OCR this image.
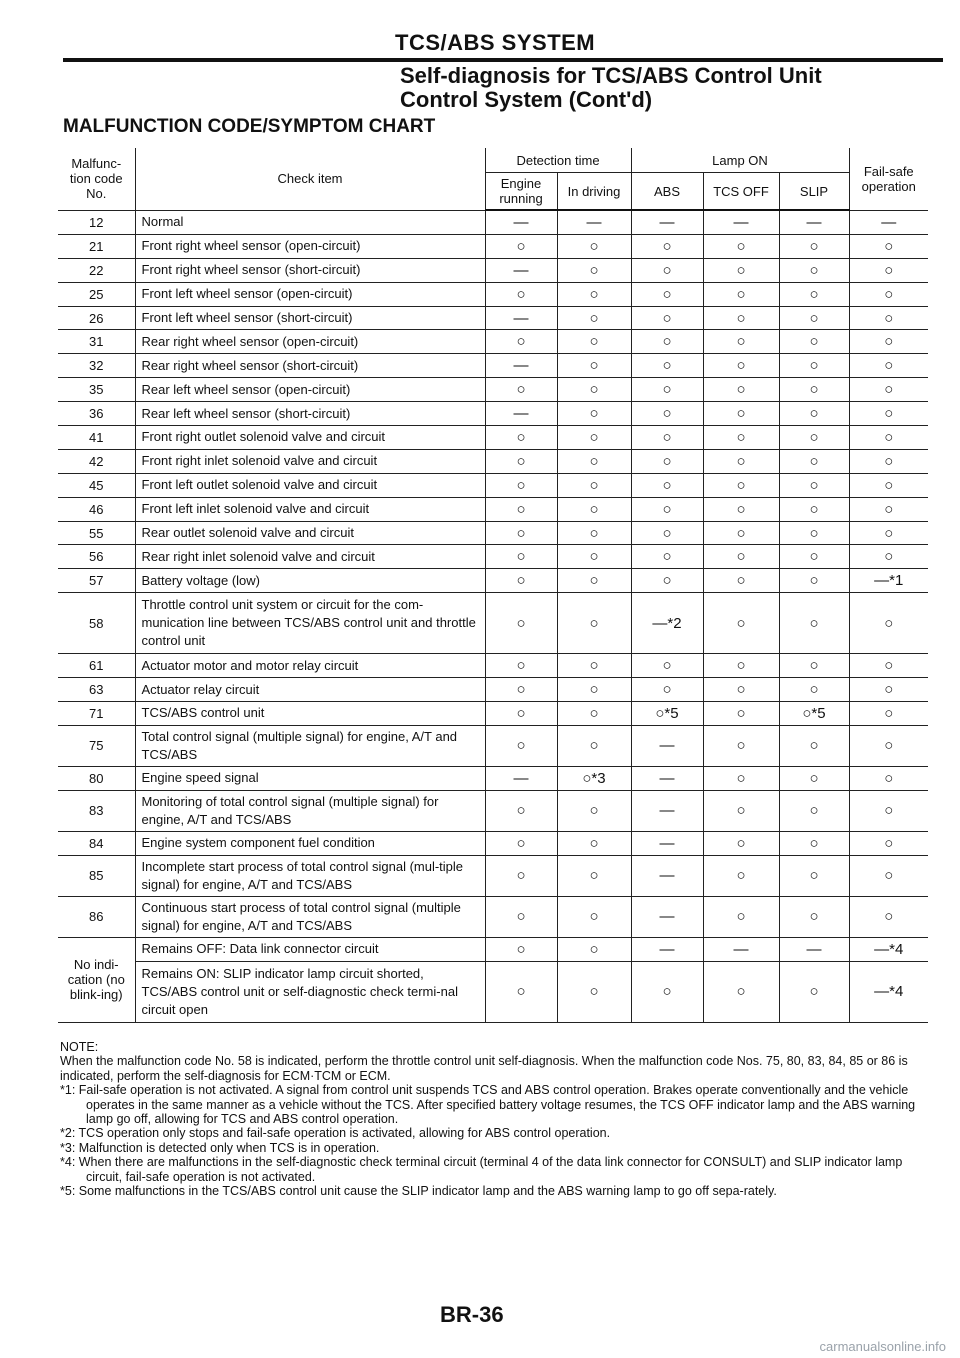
TCS/ABS SYSTEM
Self-diagnosis for TCS/ABS Control Unit
Control System (Cont'd)
MALFUNCTION CODE/SYMPTOM CHART
Malfunc-tion code No.	Check item	Detection time		Lamp ON			Fail-safe operation
		Engine running	In driving	ABS	TCS OFF	SLIP	
12	Normal	—	—	—	—	—	—
21	Front right wheel sensor (open-circuit)	○	○	○	○	○	○
22	Front right wheel sensor (short-circuit)	—	○	○	○	○	○
25	Front left wheel sensor (open-circuit)	○	○	○	○	○	○
26	Front left wheel sensor (short-circuit)	—	○	○	○	○	○
31	Rear right wheel sensor (open-circuit)	○	○	○	○	○	○
32	Rear right wheel sensor (short-circuit)	—	○	○	○	○	○
35	Rear left wheel sensor (open-circuit)	○	○	○	○	○	○
36	Rear left wheel sensor (short-circuit)	—	○	○	○	○	○
41	Front right outlet solenoid valve and circuit	○	○	○	○	○	○
42	Front right inlet solenoid valve and circuit	○	○	○	○	○	○
45	Front left outlet solenoid valve and circuit	○	○	○	○	○	○
46	Front left inlet solenoid valve and circuit	○	○	○	○	○	○
55	Rear outlet solenoid valve and circuit	○	○	○	○	○	○
56	Rear right inlet solenoid valve and circuit	○	○	○	○	○	○
57	Battery voltage (low)	○	○	○	○	○	—*1
58	Throttle control unit system or circuit for the com-munication line between TCS/ABS control unit and throttle control unit	○	○	—*2	○	○	○
61	Actuator motor and motor relay circuit	○	○	○	○	○	○
63	Actuator relay circuit	○	○	○	○	○	○
71	TCS/ABS control unit	○	○	○*5	○	○*5	○
75	Total control signal (multiple signal) for engine, A/T and TCS/ABS	○	○	—	○	○	○
80	Engine speed signal	—	○*3	—	○	○	○
83	Monitoring of total control signal (multiple signal) for engine, A/T and TCS/ABS	○	○	—	○	○	○
84	Engine system component fuel condition	○	○	—	○	○	○
85	Incomplete start process of total control signal (mul-tiple signal) for engine, A/T and TCS/ABS	○	○	—	○	○	○
86	Continuous start process of total control signal (multiple signal) for engine, A/T and TCS/ABS	○	○	—	○	○	○
No indi-cation (no blink-ing)	Remains OFF: Data link connector circuit	○	○	—	—	—	—*4
	Remains ON: SLIP indicator lamp circuit shorted, TCS/ABS control unit or self-diagnostic check termi-nal circuit open	○	○	○	○	○	—*4

NOTE:

When the malfunction code No. 58 is indicated, perform the throttle control unit self-diagnosis. When the malfunction code Nos. 75, 80, 83, 84, 85 or 86 is indicated, perform the self-diagnosis for ECM·TCM or ECM.

*1: Fail-safe operation is not activated. A signal from control unit suspends TCS and ABS control operation. Brakes operate conventionally and the vehicle operates in the same manner as a vehicle without the TCS. After specified battery voltage resumes, the TCS OFF indicator lamp and the ABS warning lamp go off, allowing for TCS and ABS control operation.

*2: TCS operation only stops and fail-safe operation is activated, allowing for ABS control operation.

*3: Malfunction is detected only when TCS is in operation.

*4: When there are malfunctions in the self-diagnostic check terminal circuit (terminal 4 of the data link connector for CONSULT) and SLIP indicator lamp circuit, fail-safe operation is not activated.

*5: Some malfunctions in the TCS/ABS control unit cause the SLIP indicator lamp and the ABS warning lamp to go off sepa-rately.

BR-36
carmanualsonline.info
